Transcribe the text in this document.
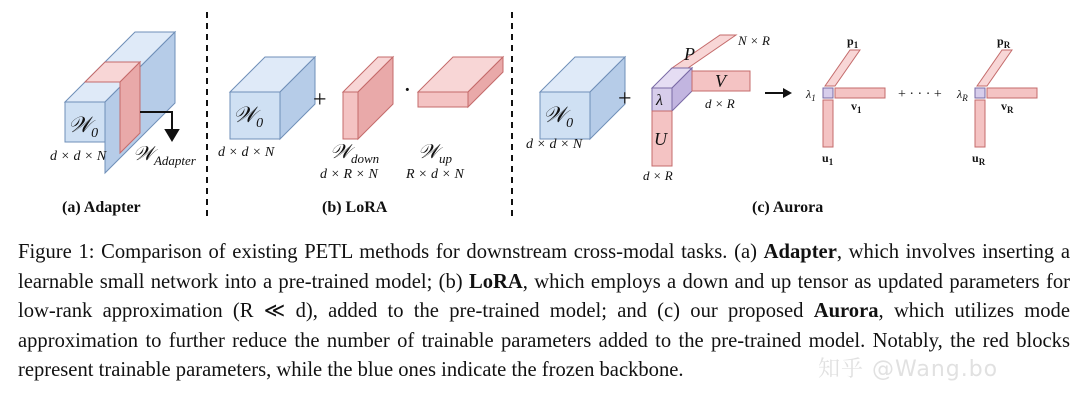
𝒲$_0$
d × d × N 𝒲$_{Adapter}$
(a) Adapter
𝒲$_0$
d × d × N
+
𝒲$_{down}$
d × R × N
·
𝒲$_{up}$
R × d × N
(b) LoRA
𝒲$_0$
d × d × N
+
P
N × R
λ
V
d × R
U
d × R
$\lambda_1$
$p_1$
$v_1$
$u_1$
+ · · · + $\lambda_R$
$p_R$
$v_R$
$u_R$
(c) Aurora

Figure 1: Comparison of existing PETL methods for downstream cross-modal tasks. (a) Adapter, which involves inserting a learnable small network into a pre-trained model; (b) LoRA, which employs a down and up tensor as updated parameters for low-rank approximation (R ≪ d), added to the pre-trained model; and (c) our proposed Aurora, which utilizes mode approximation to further reduce the number of trainable parameters added to the pre-trained model. Notably, the red blocks represent trainable parameters, while the blue ones indicate the frozen backbone.	知乎 @Wang.bo
